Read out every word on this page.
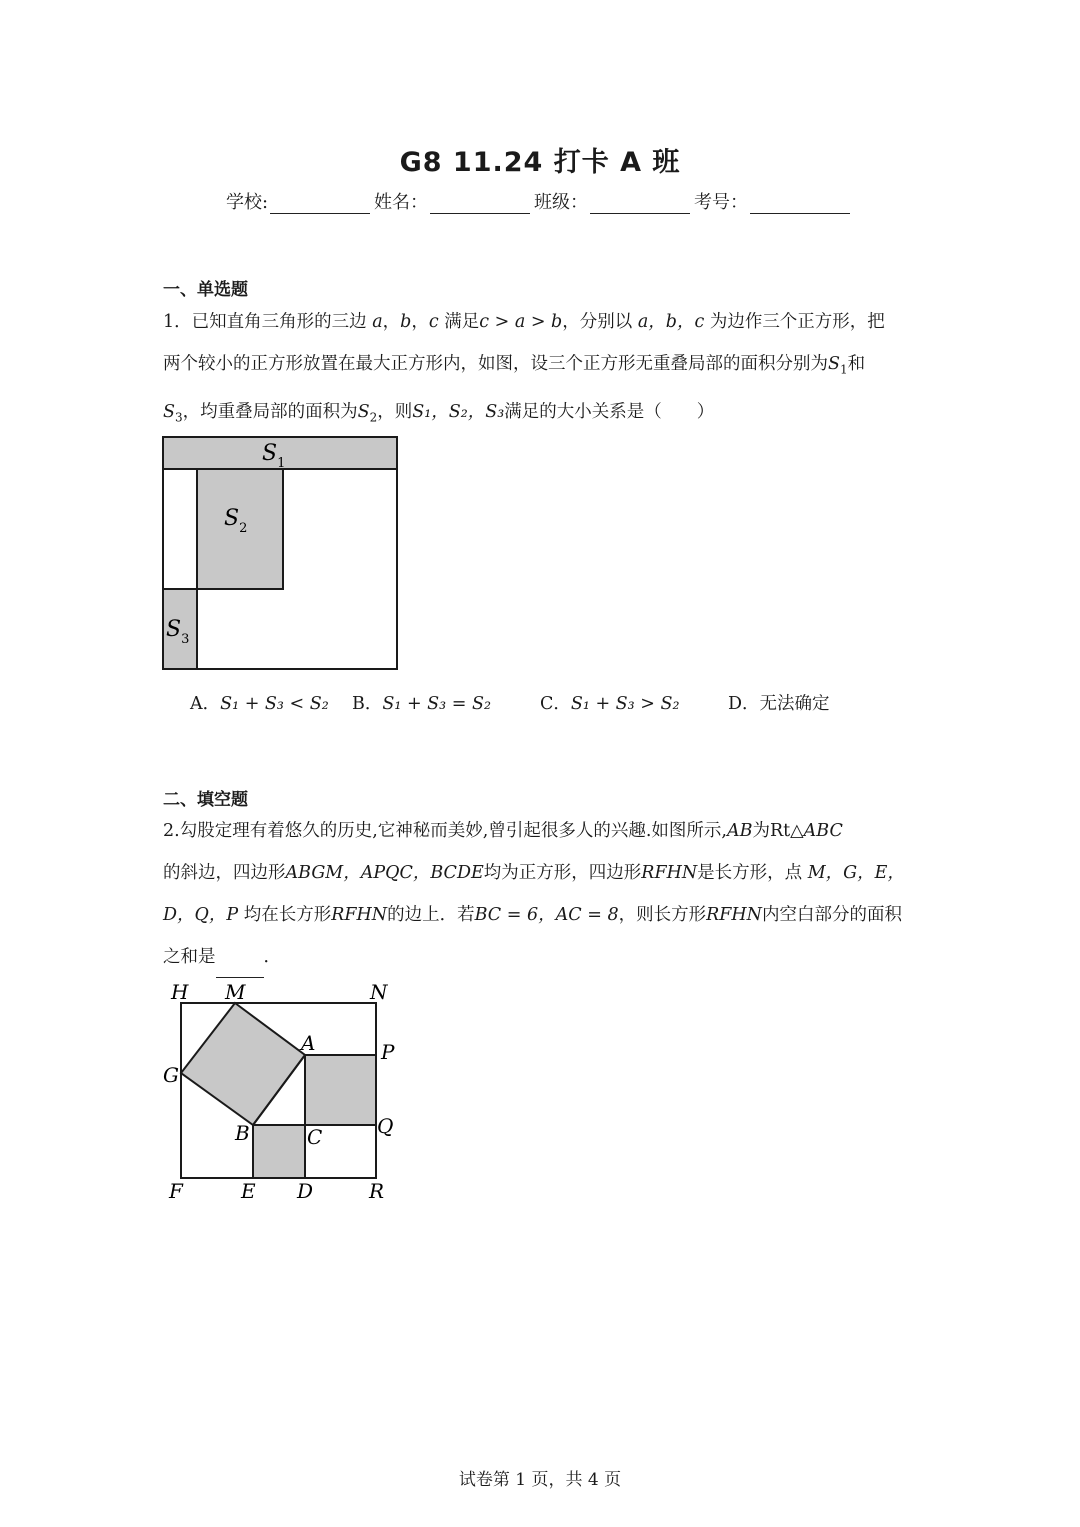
G8 11.24 打卡 A 班
学校:	姓名：	班级：	考号：
一、单选题
1．已知直角三角形的三边 a，b，c 满足c > a > b，分别以 a，b，c 为边作三个正方形，把
两个较小的正方形放置在最大正方形内，如图，设三个正方形无重叠局部的面积分别为$S_1$和
$S_3$，均重叠局部的面积为$S_2$，则S₁，S₂，S₃满足的大小关系是（　　）
$S_1$
$S_2$
$S_3$
A．S₁ + S₃ < S₂ B．S₁ + S₃ = S₂	C．S₁ + S₃ > S₂	D．无法确定
二、填空题
2.勾股定理有着悠久的历史,它神秘而美妙,曾引起很多人的兴趣.如图所示,AB为Rt△ABC
的斜边，四边形ABGM，APQC，BCDE均为正方形，四边形RFHN是长方形，点 M，G，E，
D，Q，P 均在长方形RFHN的边上．若BC = 6，AC = 8，则长方形RFHN内空白部分的面积
之和是	．
H M	N
A	P
G
B	C	Q
F	E D	R
试卷第 1 页，共 4 页
